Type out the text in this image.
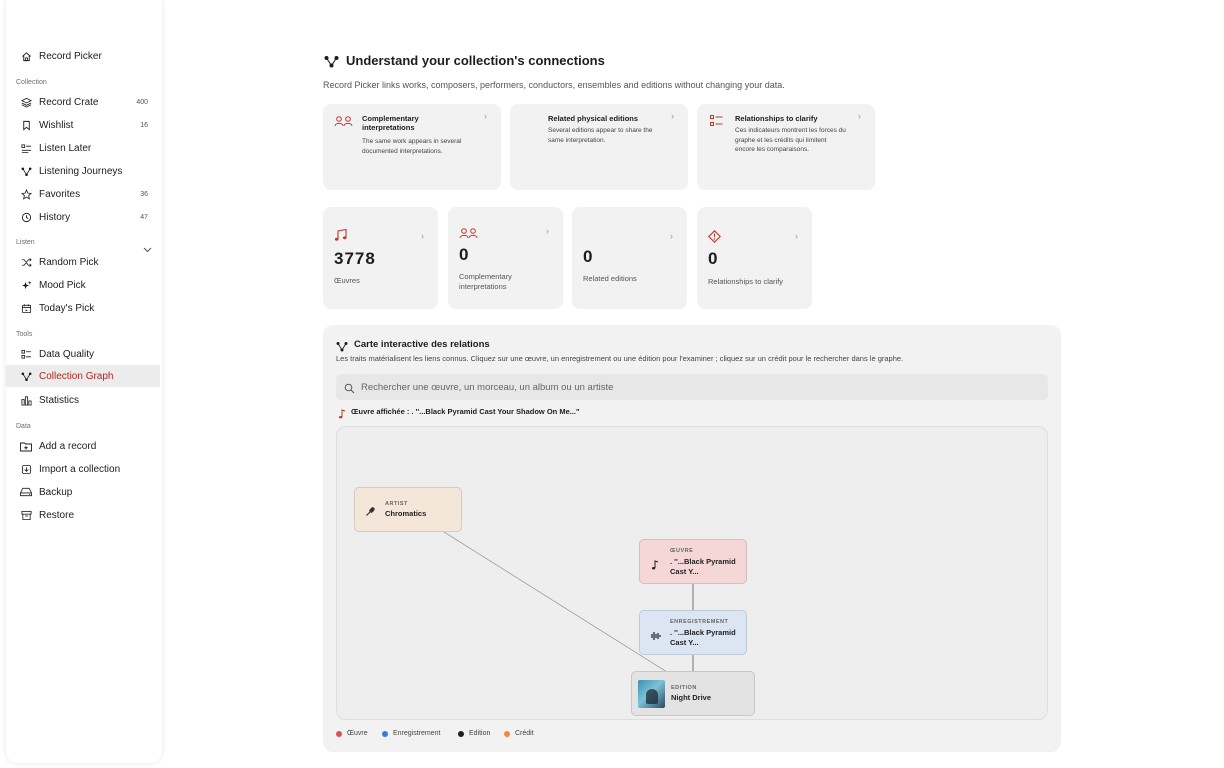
Record Picker
Collection
Record Crate	400
Wishlist	16
Listen Later
Listening Journeys
Favorites	36
History	47
Listen
Random Pick
Mood Pick
Today's Pick
Tools
Data Quality
Collection Graph
Statistics
Data
Add a record
Import a collection
Backup
Restore
Understand your collection's connections
Record Picker links works, composers, performers, conductors, ensembles and editions without changing your data.
Complementary interpretations
The same work appears in several documented interpretations.
›	Related physical editions
Several editions appear to share the same interpretation.
›	Relationships to clarify
Ces indicateurs montrent les forces du graphe et les crédits qui limitent encore les comparaisons.
›
3778
Œuvres
›
0
Complementary interpretations
›
0
Related editions
›
0
Relationships to clarify
›
Carte interactive des relations
Les traits matérialisent les liens connus. Cliquez sur une œuvre, un enregistrement ou une édition pour l'examiner ; cliquez sur un crédit pour le rechercher dans le graphe.
Rechercher une œuvre, un morceau, un album ou un artiste
Œuvre affichée : . ''...Black Pyramid Cast Your Shadow On Me..."
ARTIST
Chromatics
ŒUVRE
. ''...Black Pyramid Cast Y...
ENREGISTREMENT
. ''...Black Pyramid Cast Y...
EDITION
Night Drive
Œuvre	Enregistrement	Edition	Crédit
